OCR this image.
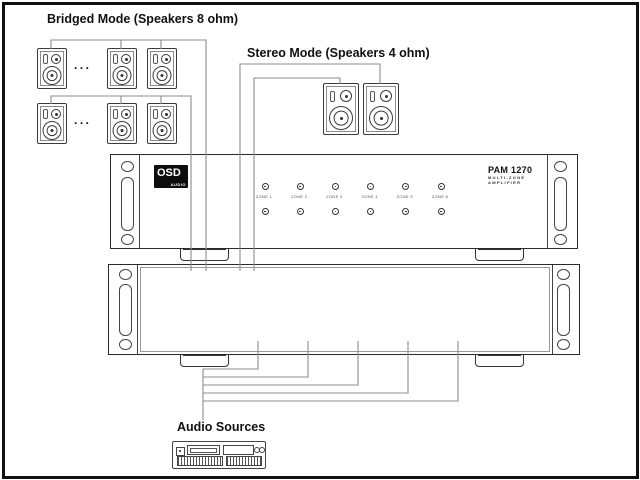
Bridged Mode (Speakers 8 ohm)
Stereo Mode (Speakers 4 ohm)
Audio Sources
...
...
OSD
AUDIO
ZONE 1	ZONE 2	ZONE 3	ZONE 4	ZONE 5	ZONE 6
PAM 1270
MULTI-ZONE
AMPLIFIER
